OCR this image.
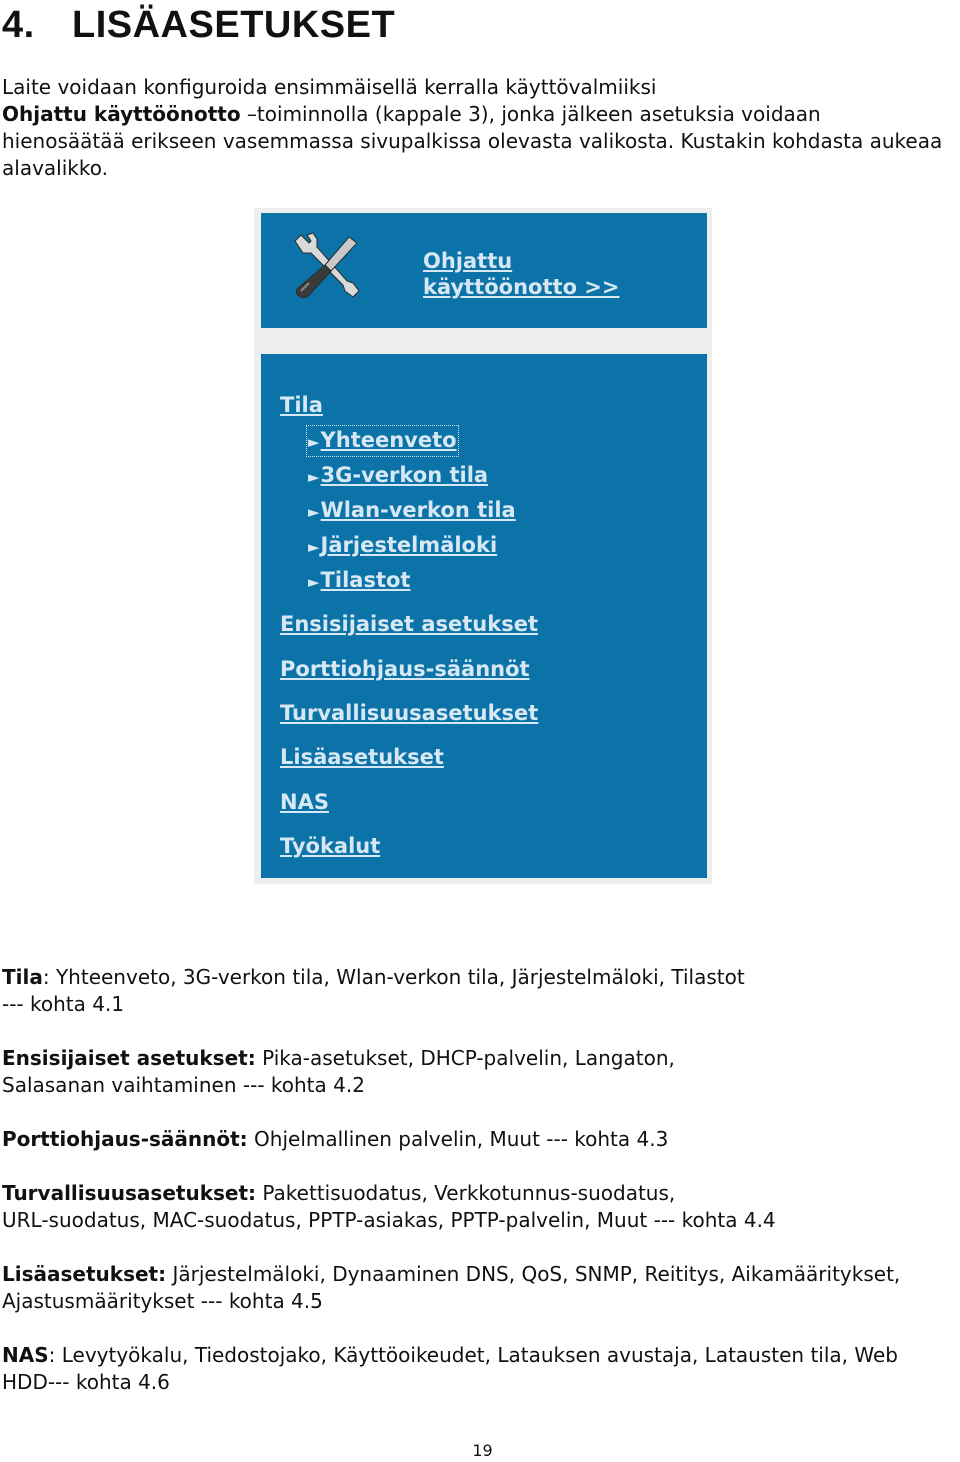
4. LISÄASETUKSET

Laite voidaan konfiguroida ensimmäisellä kerralla käyttövalmiiksi
Ohjattu käyttöönotto –toiminnolla (kappale 3), jonka jälkeen asetuksia voidaan
hienosäätää erikseen vasemmassa sivupalkissa olevasta valikosta. Kustakin kohdasta aukeaa
alavalikko.

Ohjattu
käyttöönotto >>
Tila
►Yhteenveto
►3G-verkon tila
►Wlan-verkon tila
►Järjestelmäloki
►Tilastot
Ensisijaiset asetukset
Porttiohjaus-säännöt
Turvallisuusasetukset
Lisäasetukset
NAS
Työkalut

Tila: Yhteenveto, 3G-verkon tila, Wlan-verkon tila, Järjestelmäloki, Tilastot
--- kohta 4.1

Ensisijaiset asetukset: Pika-asetukset, DHCP-palvelin, Langaton,
Salasanan vaihtaminen --- kohta 4.2

Porttiohjaus-säännöt: Ohjelmallinen palvelin, Muut --- kohta 4.3

Turvallisuusasetukset: Pakettisuodatus, Verkkotunnus-suodatus,
URL-suodatus, MAC-suodatus, PPTP-asiakas, PPTP-palvelin, Muut --- kohta 4.4

Lisäasetukset: Järjestelmäloki, Dynaaminen DNS, QoS, SNMP, Reititys, Aikamääritykset,
Ajastusmääritykset --- kohta 4.5

NAS: Levytyökalu, Tiedostojako, Käyttöoikeudet, Latauksen avustaja, Latausten tila, Web
HDD--- kohta 4.6

19
